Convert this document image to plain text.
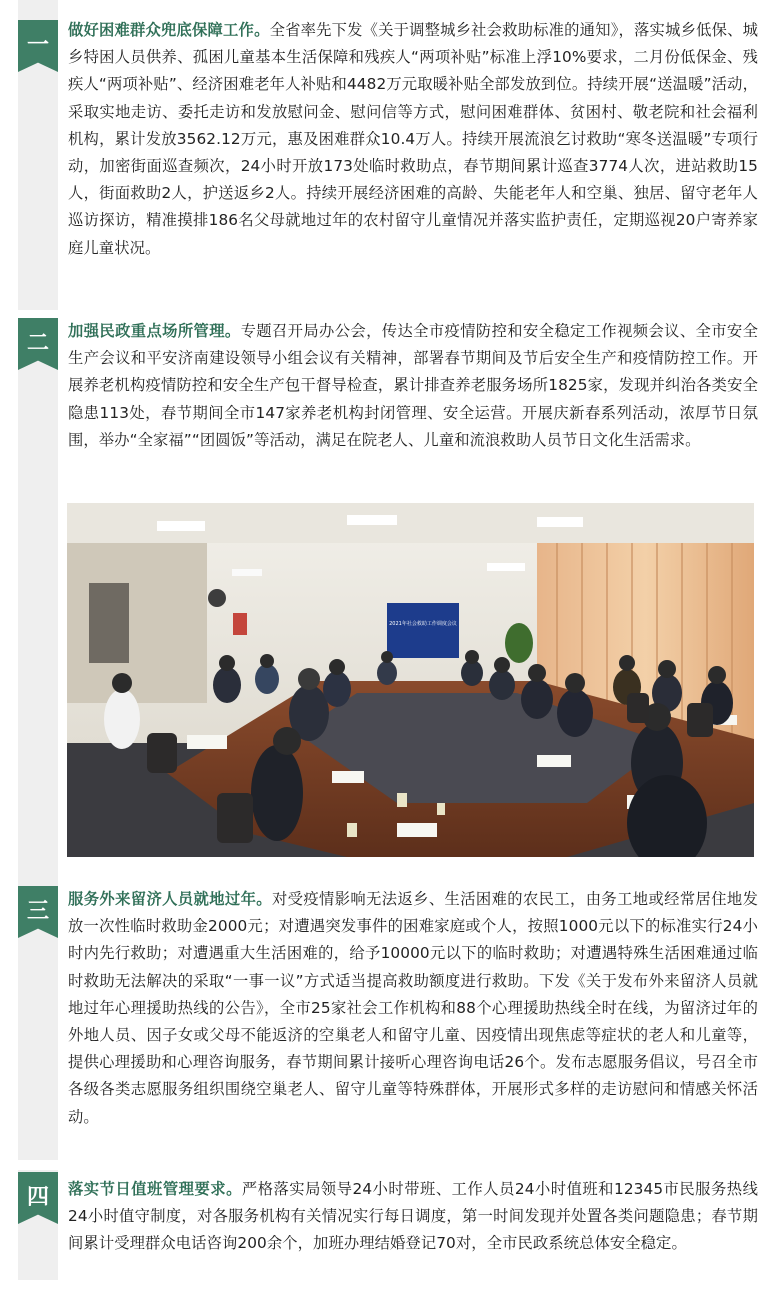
一
做好困难群众兜底保障工作。全省率先下发《关于调整城乡社会救助标准的通知》，落实城乡低保、城乡特困人员供养、孤困儿童基本生活保障和残疾人“两项补贴”标准上浮10%要求，二月份低保金、残疾人“两项补贴”、经济困难老年人补贴和4482万元取暖补贴全部发放到位。持续开展“送温暖”活动，采取实地走访、委托走访和发放慰问金、慰问信等方式，慰问困难群体、贫困村、敬老院和社会福利机构，累计发放3562.12万元，惠及困难群众10.4万人。持续开展流浪乞讨救助“寒冬送温暖”专项行动，加密街面巡查频次，24小时开放173处临时救助点，春节期间累计巡查3774人次，进站救助15人，街面救助2人，护送返乡2人。持续开展经济困难的高龄、失能老年人和空巢、独居、留守老年人巡访探访，精准摸排186名父母就地过年的农村留守儿童情况并落实监护责任，定期巡视20户寄养家庭儿童状况。
二 加强民政重点场所管理。专题召开局办公会，传达全市疫情防控和安全稳定工作视频会议、全市安全生产会议和平安济南建设领导小组会议有关精神，部署春节期间及节后安全生产和疫情防控工作。开展养老机构疫情防控和安全生产包干督导检查，累计排查养老服务场所1825家，发现并纠治各类安全隐患113处，春节期间全市147家养老机构封闭管理、安全运营。开展庆新春系列活动，浓厚节日氛围，举办“全家福”“团圆饭”等活动，满足在院老人、儿童和流浪救助人员节日文化生活需求。
2021年社会救助工作调度会议
三 服务外来留济人员就地过年。对受疫情影响无法返乡、生活困难的农民工，由务工地或经常居住地发放一次性临时救助金2000元；对遭遇突发事件的困难家庭或个人，按照1000元以下的标准实行24小时内先行救助；对遭遇重大生活困难的，给予10000元以下的临时救助；对遭遇特殊生活困难通过临时救助无法解决的采取“一事一议”方式适当提高救助额度进行救助。下发《关于发布外来留济人员就地过年心理援助热线的公告》，全市25家社会工作机构和88个心理援助热线全时在线，为留济过年的外地人员、因子女或父母不能返济的空巢老人和留守儿童、因疫情出现焦虑等症状的老人和儿童等，提供心理援助和心理咨询服务，春节期间累计接听心理咨询电话26个。发布志愿服务倡议，号召全市各级各类志愿服务组织围绕空巢老人、留守儿童等特殊群体，开展形式多样的走访慰问和情感关怀活动。
四 落实节日值班管理要求。严格落实局领导24小时带班、工作人员24小时值班和12345市民服务热线24小时值守制度，对各服务机构有关情况实行每日调度，第一时间发现并处置各类问题隐患；春节期间累计受理群众电话咨询200余个，加班办理结婚登记70对，全市民政系统总体安全稳定。
